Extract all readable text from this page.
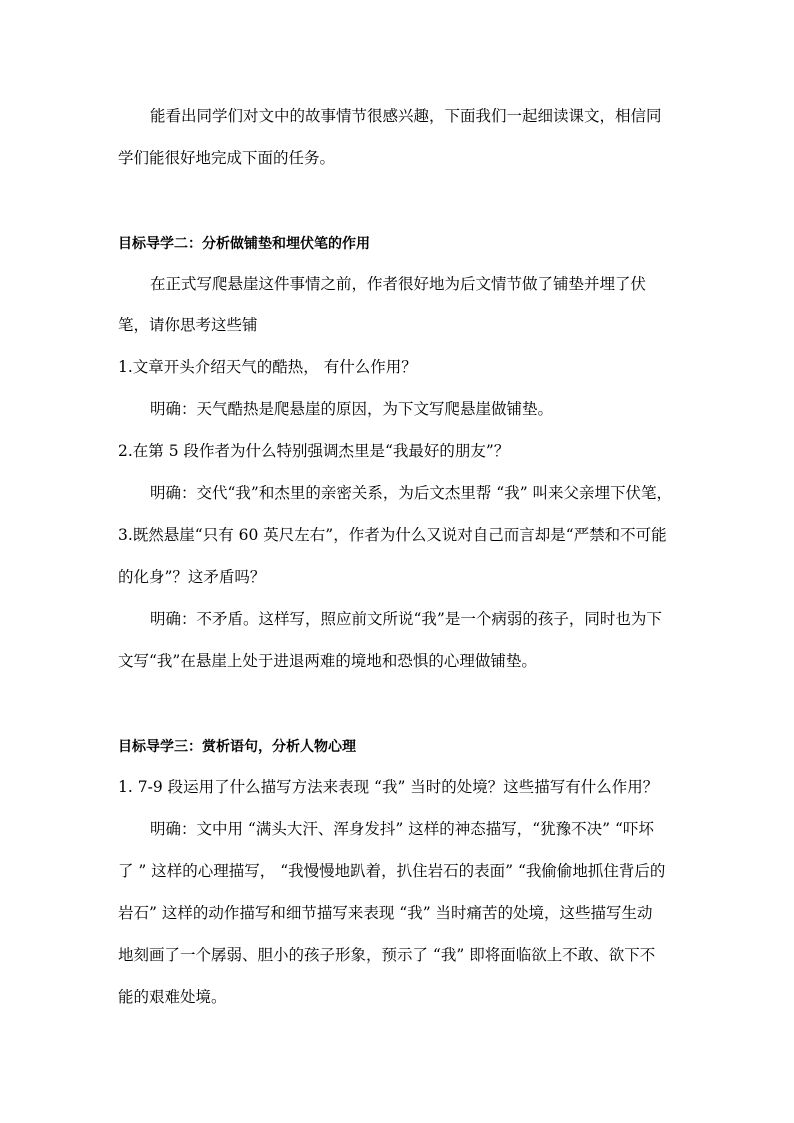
能看出同学们对文中的故事情节很感兴趣，下面我们一起细读课文，相信同
学们能很好地完成下面的任务。
目标导学二：分析做铺垫和埋伏笔的作用
在正式写爬悬崖这件事情之前，作者很好地为后文情节做了铺垫并埋了伏
笔，请你思考这些铺
1.文章开头介绍天气的酷热， 有什么作用？
明确：天气酷热是爬悬崖的原因，为下文写爬悬崖做铺垫。
2.在第 5 段作者为什么特别强调杰里是“我最好的朋友”？
明确：交代“我”和杰里的亲密关系，为后文杰里帮 “我” 叫来父亲埋下伏笔，
3.既然悬崖“只有 60 英尺左右”，作者为什么又说对自己而言却是“严禁和不可能
的化身”？这矛盾吗？
明确：不矛盾。这样写，照应前文所说“我”是一个病弱的孩子，同时也为下
文写“我”在悬崖上处于进退两难的境地和恐惧的心理做铺垫。
目标导学三：赏析语句，分析人物心理
1. 7-9 段运用了什么描写方法来表现 “我” 当时的处境？这些描写有什么作用？
明确：文中用 “满头大汗、浑身发抖” 这样的神态描写，“犹豫不决” “吓坏
了 ” 这样的心理描写， “我慢慢地趴着，扒住岩石的表面” “我偷偷地抓住背后的
岩石” 这样的动作描写和细节描写来表现 “我” 当时痛苦的处境，这些描写生动
地刻画了一个孱弱、胆小的孩子形象，预示了 “我” 即将面临欲上不敢、欲下不
能的艰难处境。
